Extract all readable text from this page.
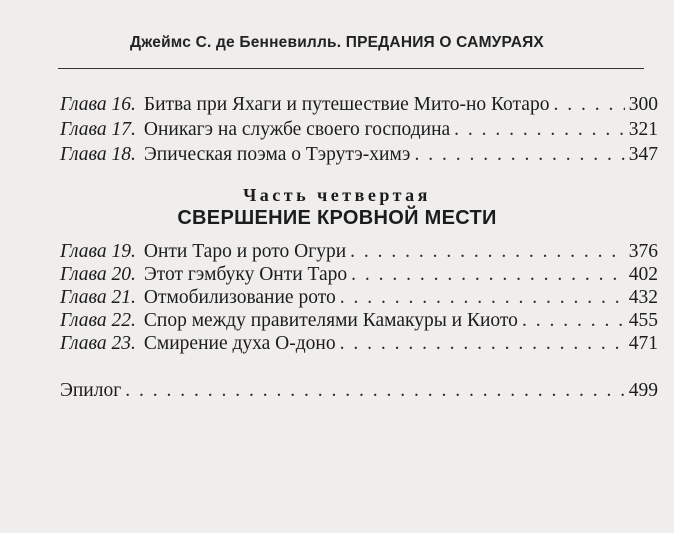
Джеймс С. де Бенневилль. ПРЕДАНИЯ О САМУРАЯХ
Глава 16. Битва при Яхаги и путешествие Мито-но Котаро . . .	300
Глава 17. Оникагэ на службе своего господина . . .	321
Глава 18. Эпическая поэма о Тэрутэ-химэ . . .	347
Часть четвертая
СВЕРШЕНИЕ КРОВНОЙ МЕСТИ
Глава 19. Онти Таро и рото Огури . . .	376
Глава 20. Этот гэмбуку Онти Таро . . .	402
Глава 21. Отмобилизование рото . . .	432
Глава 22. Спор между правителями Камакуры и Киото . . .	455
Глава 23. Смирение духа О-доно . . .	471
Эпилог . . .	499
